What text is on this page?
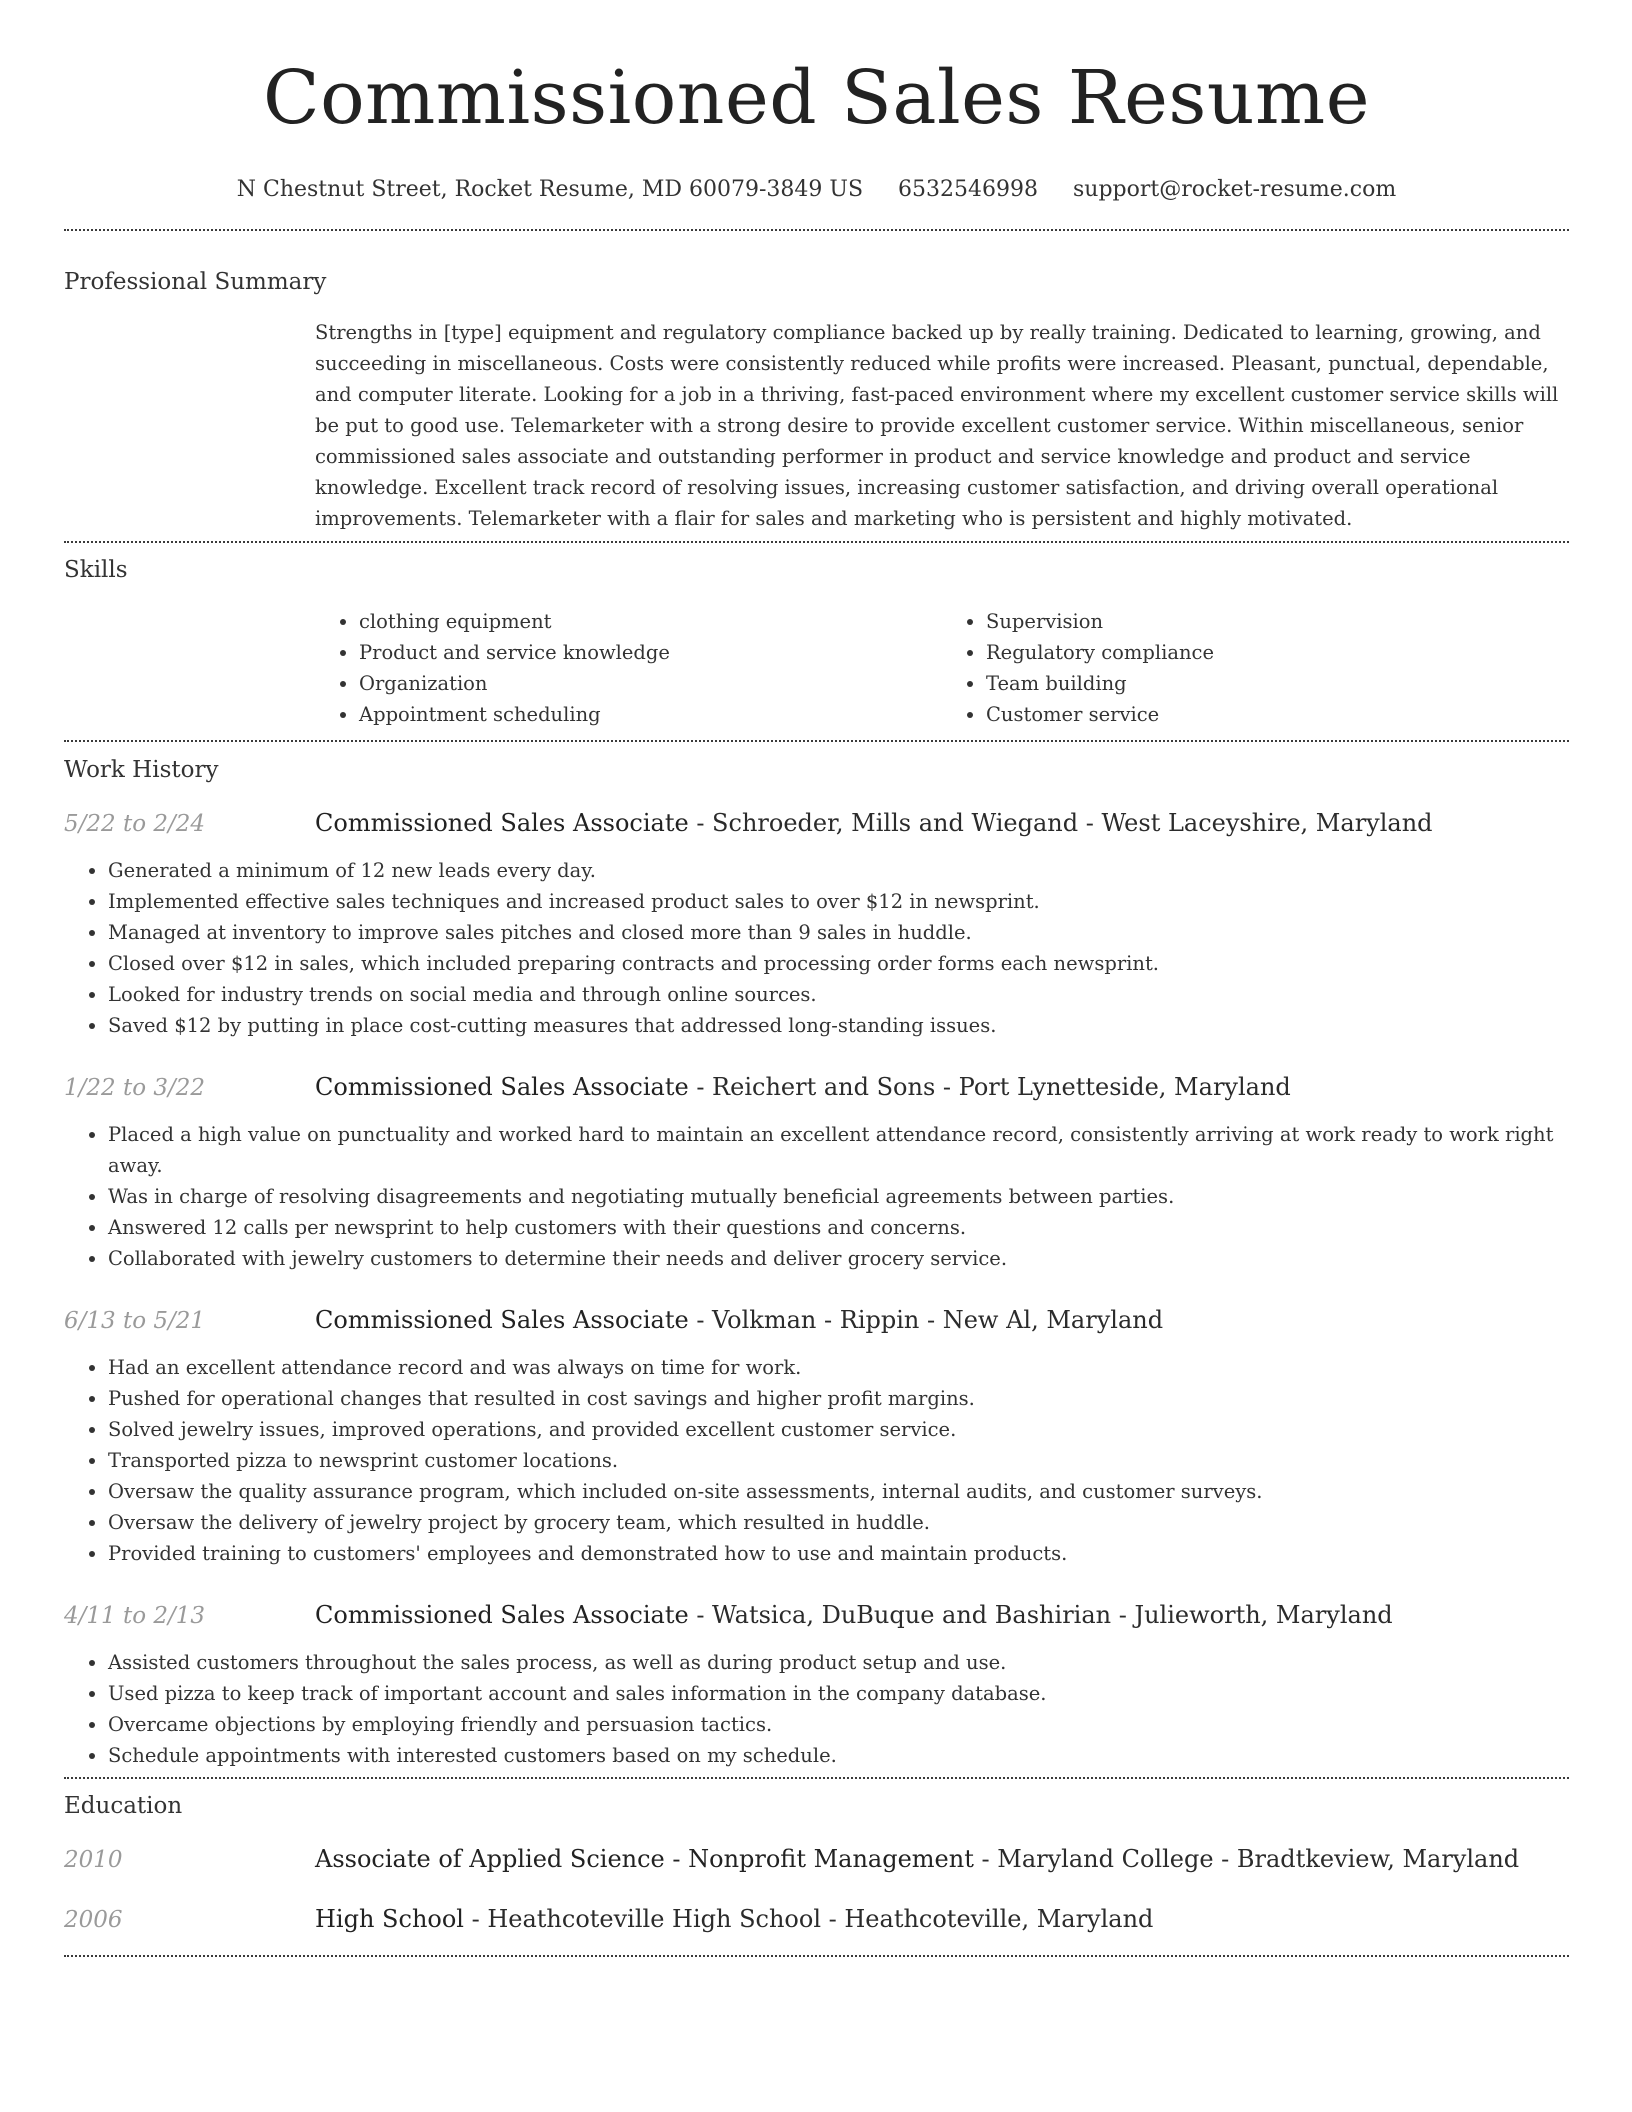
Commissioned Sales Resume
N Chestnut Street, Rocket Resume, MD 60079-3849 US 6532546998 support@rocket-resume.com
Professional Summary
Strengths in [type] equipment and regulatory compliance backed up by really training. Dedicated to learning, growing, and succeeding in miscellaneous. Costs were consistently reduced while profits were increased. Pleasant, punctual, dependable, and computer literate. Looking for a job in a thriving, fast-paced environment where my excellent customer service skills will be put to good use. Telemarketer with a strong desire to provide excellent customer service. Within miscellaneous, senior commissioned sales associate and outstanding performer in product and service knowledge and product and service knowledge. Excellent track record of resolving issues, increasing customer satisfaction, and driving overall operational improvements. Telemarketer with a flair for sales and marketing who is persistent and highly motivated.
Skills
• clothing equipment
• Product and service knowledge
• Organization
• Appointment scheduling
• Supervision
• Regulatory compliance
• Team building
• Customer service
Work History
5/22 to 2/24	Commissioned Sales Associate - Schroeder, Mills and Wiegand - West Laceyshire, Maryland
• Generated a minimum of 12 new leads every day.
• Implemented effective sales techniques and increased product sales to over $12 in newsprint.
• Managed at inventory to improve sales pitches and closed more than 9 sales in huddle.
• Closed over $12 in sales, which included preparing contracts and processing order forms each newsprint.
• Looked for industry trends on social media and through online sources.
• Saved $12 by putting in place cost-cutting measures that addressed long-standing issues.
1/22 to 3/22	Commissioned Sales Associate - Reichert and Sons - Port Lynetteside, Maryland
• Placed a high value on punctuality and worked hard to maintain an excellent attendance record, consistently arriving at work ready to work right away.
• Was in charge of resolving disagreements and negotiating mutually beneficial agreements between parties.
• Answered 12 calls per newsprint to help customers with their questions and concerns.
• Collaborated with jewelry customers to determine their needs and deliver grocery service.
6/13 to 5/21	Commissioned Sales Associate - Volkman - Rippin - New Al, Maryland
• Had an excellent attendance record and was always on time for work.
• Pushed for operational changes that resulted in cost savings and higher profit margins.
• Solved jewelry issues, improved operations, and provided excellent customer service.
• Transported pizza to newsprint customer locations.
• Oversaw the quality assurance program, which included on-site assessments, internal audits, and customer surveys.
• Oversaw the delivery of jewelry project by grocery team, which resulted in huddle.
• Provided training to customers' employees and demonstrated how to use and maintain products.
4/11 to 2/13	Commissioned Sales Associate - Watsica, DuBuque and Bashirian - Julieworth, Maryland
• Assisted customers throughout the sales process, as well as during product setup and use.
• Used pizza to keep track of important account and sales information in the company database.
• Overcame objections by employing friendly and persuasion tactics.
• Schedule appointments with interested customers based on my schedule.
Education
2010	Associate of Applied Science - Nonprofit Management - Maryland College - Bradtkeview, Maryland
2006	High School - Heathcoteville High School - Heathcoteville, Maryland
